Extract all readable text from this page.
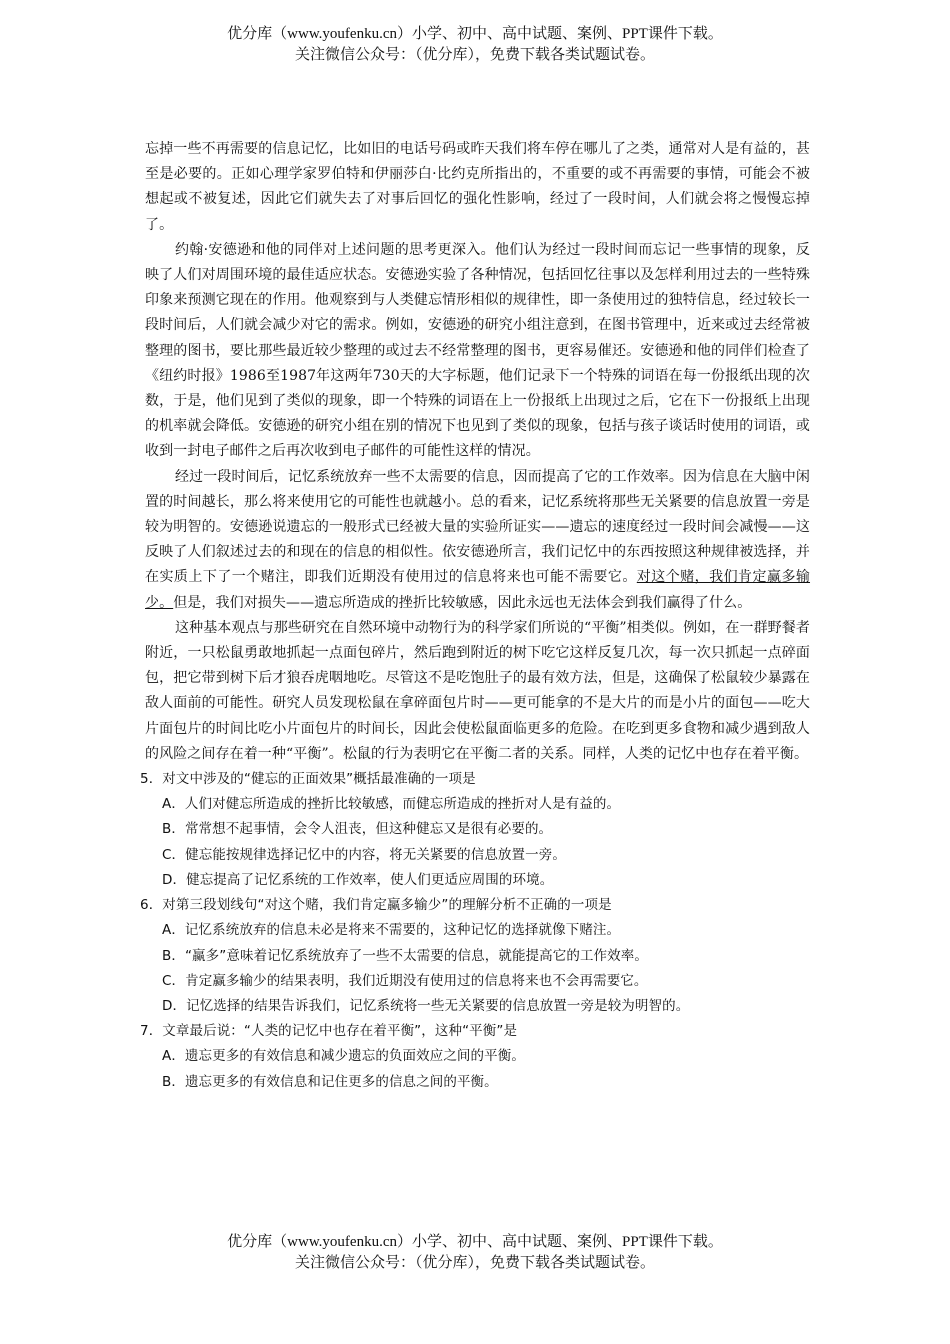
优分库（www.youfenku.cn）小学、初中、高中试题、案例、PPT课件下载。
关注微信公众号：（优分库），免费下载各类试题试卷。

忘掉一些不再需要的信息记忆，比如旧的电话号码或昨天我们将车停在哪儿了之类，通常对人是有益的，甚至是必要的。正如心理学家罗伯特和伊丽莎白·比约克所指出的，不重要的或不再需要的事情，可能会不被想起或不被复述，因此它们就失去了对事后回忆的强化性影响，经过了一段时间，人们就会将之慢慢忘掉了。

约翰·安德逊和他的同伴对上述问题的思考更深入。他们认为经过一段时间而忘记一些事情的现象，反映了人们对周围环境的最佳适应状态。安德逊实验了各种情况，包括回忆往事以及怎样利用过去的一些特殊印象来预测它现在的作用。他观察到与人类健忘情形相似的规律性，即一条使用过的独特信息，经过较长一段时间后，人们就会减少对它的需求。例如，安德逊的研究小组注意到，在图书管理中，近来或过去经常被整理的图书，要比那些最近较少整理的或过去不经常整理的图书，更容易催还。安德逊和他的同伴们检查了《纽约时报》1986至1987年这两年730天的大字标题，他们记录下一个特殊的词语在每一份报纸出现的次数，于是，他们见到了类似的现象，即一个特殊的词语在上一份报纸上出现过之后，它在下一份报纸上出现的机率就会降低。安德逊的研究小组在别的情况下也见到了类似的现象，包括与孩子谈话时使用的词语，或收到一封电子邮件之后再次收到电子邮件的可能性这样的情况。

经过一段时间后，记忆系统放弃一些不太需要的信息，因而提高了它的工作效率。因为信息在大脑中闲置的时间越长，那么将来使用它的可能性也就越小。总的看来，记忆系统将那些无关紧要的信息放置一旁是较为明智的。安德逊说遗忘的一般形式已经被大量的实验所证实——遗忘的速度经过一段时间会减慢——这反映了人们叙述过去的和现在的信息的相似性。依安德逊所言，我们记忆中的东西按照这种规律被选择，并在实质上下了一个赌注，即我们近期没有使用过的信息将来也可能不需要它。对这个赌，我们肯定赢多输少。但是，我们对损失——遗忘所造成的挫折比较敏感，因此永远也无法体会到我们赢得了什么。

这种基本观点与那些研究在自然环境中动物行为的科学家们所说的“平衡”相类似。例如，在一群野餐者附近，一只松鼠勇敢地抓起一点面包碎片，然后跑到附近的树下吃它这样反复几次，每一次只抓起一点碎面包，把它带到树下后才狼吞虎咽地吃。尽管这不是吃饱肚子的最有效方法，但是，这确保了松鼠较少暴露在敌人面前的可能性。研究人员发现松鼠在拿碎面包片时——更可能拿的不是大片的而是小片的面包——吃大片面包片的时间比吃小片面包片的时间长，因此会使松鼠面临更多的危险。在吃到更多食物和减少遇到敌人的风险之间存在着一种“平衡”。松鼠的行为表明它在平衡二者的关系。同样，人类的记忆中也存在着平衡。

5．对文中涉及的“健忘的正面效果”概括最准确的一项是

A．人们对健忘所造成的挫折比较敏感，而健忘所造成的挫折对人是有益的。

B．常常想不起事情，会令人沮丧，但这种健忘又是很有必要的。

C．健忘能按规律选择记忆中的内容，将无关紧要的信息放置一旁。

D．健忘提高了记忆系统的工作效率，使人们更适应周围的环境。

6．对第三段划线句“对这个赌，我们肯定赢多输少”的理解分析不正确的一项是

A．记忆系统放弃的信息未必是将来不需要的，这种记忆的选择就像下赌注。

B．“赢多”意味着记忆系统放弃了一些不太需要的信息，就能提高它的工作效率。

C．肯定赢多输少的结果表明，我们近期没有使用过的信息将来也不会再需要它。

D．记忆选择的结果告诉我们，记忆系统将一些无关紧要的信息放置一旁是较为明智的。

7．文章最后说：“人类的记忆中也存在着平衡”，这种“平衡”是

A．遗忘更多的有效信息和减少遗忘的负面效应之间的平衡。

B．遗忘更多的有效信息和记住更多的信息之间的平衡。

优分库（www.youfenku.cn）小学、初中、高中试题、案例、PPT课件下载。
关注微信公众号：（优分库），免费下载各类试题试卷。
